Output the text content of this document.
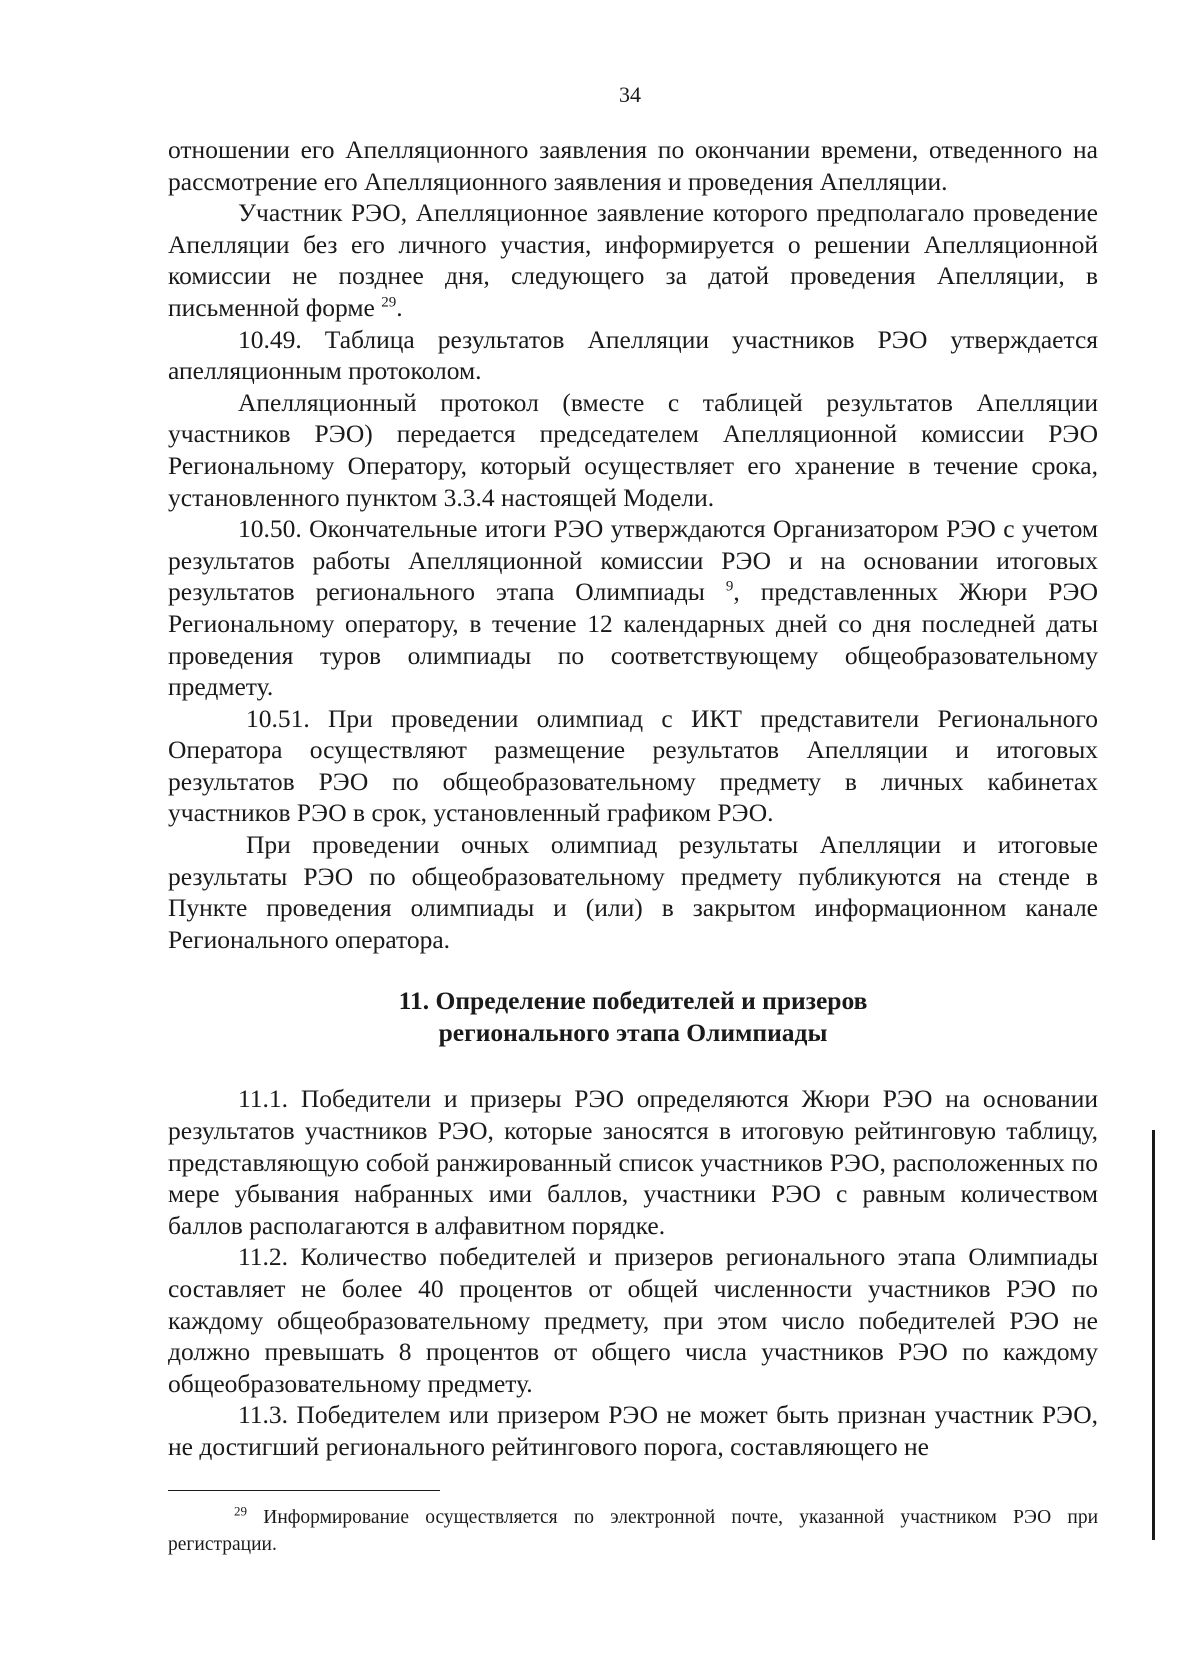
34

отношении его Апелляционного заявления по окончании времени, отведенного на рассмотрение его Апелляционного заявления и проведения Апелляции.

Участник РЭО, Апелляционное заявление которого предполагало проведение Апелляции без его личного участия, информируется о решении Апелляционной комиссии не позднее дня, следующего за датой проведения Апелляции, в письменной форме $^{29}$.

10.49. Таблица результатов Апелляции участников РЭО утверждается апелляционным протоколом.

Апелляционный протокол (вместе с таблицей результатов Апелляции участников РЭО) передается председателем Апелляционной комиссии РЭО Региональному Оператору, который осуществляет его хранение в течение срока, установленного пунктом 3.3.4 настоящей Модели.

10.50. Окончательные итоги РЭО утверждаются Организатором РЭО с учетом результатов работы Апелляционной комиссии РЭО и на основании итоговых результатов регионального этапа Олимпиады $^9$, представленных Жюри РЭО Региональному оператору, в течение 12 календарных дней со дня последней даты проведения туров олимпиады по соответствующему общеобразовательному предмету.

10.51. При проведении олимпиад с ИКТ представители Регионального Оператора осуществляют размещение результатов Апелляции и итоговых результатов РЭО по общеобразовательному предмету в личных кабинетах участников РЭО в срок, установленный графиком РЭО.

При проведении очных олимпиад результаты Апелляции и итоговые результаты РЭО по общеобразовательному предмету публикуются на стенде в Пункте проведения олимпиады и (или) в закрытом информационном канале Регионального оператора.

11. Определение победителей и призеров
регионального этапа Олимпиады

11.1. Победители и призеры РЭО определяются Жюри РЭО на основании результатов участников РЭО, которые заносятся в итоговую рейтинговую таблицу, представляющую собой ранжированный список участников РЭО, расположенных по мере убывания набранных ими баллов, участники РЭО с равным количеством баллов располагаются в алфавитном порядке.

11.2. Количество победителей и призеров регионального этапа Олимпиады составляет не более 40 процентов от общей численности участников РЭО по каждому общеобразовательному предмету, при этом число победителей РЭО не должно превышать 8 процентов от общего числа участников РЭО по каждому общеобразовательному предмету.

11.3. Победителем или призером РЭО не может быть признан участник РЭО, не достигший регионального рейтингового порога, составляющего не

$^{29}$ Информирование осуществляется по электронной почте, указанной участником РЭО при регистрации.
